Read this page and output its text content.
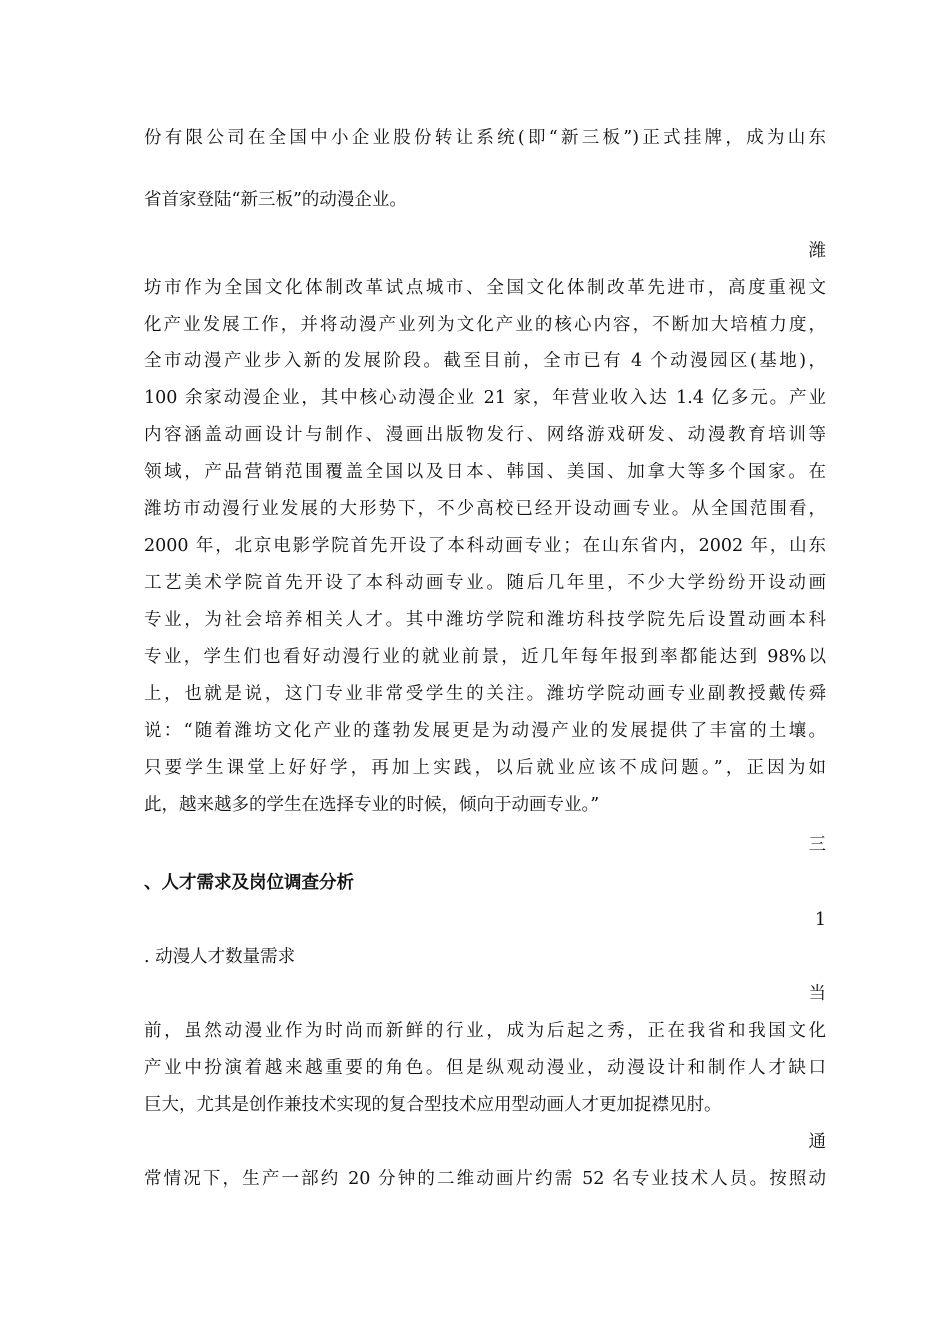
份有限公司在全国中小企业股份转让系统(即“新三板”)正式挂牌，成为山东
省首家登陆“新三板”的动漫企业。
潍
坊市作为全国文化体制改革试点城市、全国文化体制改革先进市，高度重视文
化产业发展工作，并将动漫产业列为文化产业的核心内容，不断加大培植力度，
全市动漫产业步入新的发展阶段。截至目前，全市已有 4 个动漫园区(基地)，
100 余家动漫企业，其中核心动漫企业 21 家，年营业收入达 1.4 亿多元。产业
内容涵盖动画设计与制作、漫画出版物发行、网络游戏研发、动漫教育培训等
领域，产品营销范围覆盖全国以及日本、韩国、美国、加拿大等多个国家。在
潍坊市动漫行业发展的大形势下，不少高校已经开设动画专业。从全国范围看，
2000 年，北京电影学院首先开设了本科动画专业；在山东省内，2002 年，山东
工艺美术学院首先开设了本科动画专业。随后几年里，不少大学纷纷开设动画
专业，为社会培养相关人才。其中潍坊学院和潍坊科技学院先后设置动画本科
专业，学生们也看好动漫行业的就业前景，近几年每年报到率都能达到 98%以
上，也就是说，这门专业非常受学生的关注。潍坊学院动画专业副教授戴传舜
说：“随着潍坊文化产业的蓬勃发展更是为动漫产业的发展提供了丰富的土壤。
只要学生课堂上好好学，再加上实践，以后就业应该不成问题。”，正因为如
此，越来越多的学生在选择专业的时候，倾向于动画专业。”
三
、人才需求及岗位调查分析
1
. 动漫人才数量需求
当
前，虽然动漫业作为时尚而新鲜的行业，成为后起之秀，正在我省和我国文化
产业中扮演着越来越重要的角色。但是纵观动漫业，动漫设计和制作人才缺口
巨大，尤其是创作兼技术实现的复合型技术应用型动画人才更加捉襟见肘。
通
常情况下，生产一部约 20 分钟的二维动画片约需 52 名专业技术人员。按照动
